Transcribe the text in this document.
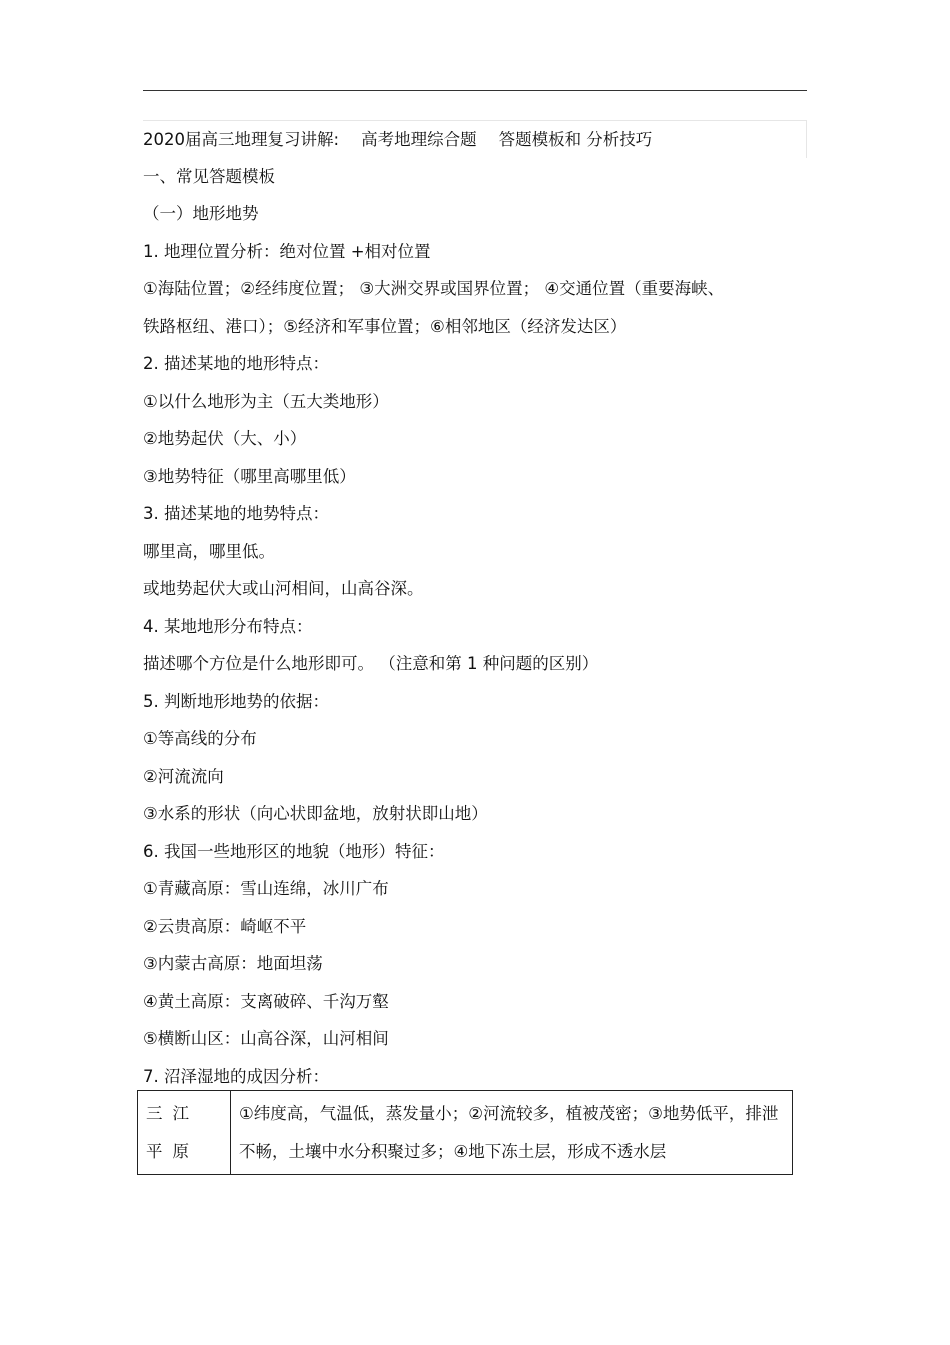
2020届高三地理复习讲解: 高考地理综合题 答题模板和 分析技巧
一、常见答题模板
（一）地形地势
1. 地理位置分析：绝对位置 +相对位置
①海陆位置；②经纬度位置； ③大洲交界或国界位置； ④交通位置（重要海峡、
铁路枢纽、港口）；⑤经济和军事位置；⑥相邻地区（经济发达区）
2. 描述某地的地形特点：
①以什么地形为主（五大类地形）
②地势起伏（大、小）
③地势特征（哪里高哪里低）
3. 描述某地的地势特点：
哪里高，哪里低。
或地势起伏大或山河相间，山高谷深。
4. 某地地形分布特点：
描述哪个方位是什么地形即可。 （注意和第 1 种问题的区别）
5. 判断地形地势的依据：
①等高线的分布
②河流流向
③水系的形状（向心状即盆地，放射状即山地）
6. 我国一些地形区的地貌（地形）特征：
①青藏高原：雪山连绵，冰川广布
②云贵高原：崎岖不平
③内蒙古高原：地面坦荡
④黄土高原：支离破碎、千沟万壑
⑤横断山区：山高谷深，山河相间
7. 沼泽湿地的成因分析：
三江平原	①纬度高，气温低，蒸发量小；②河流较多，植被茂密；③地势低平，排泄不畅，土壤中水分积聚过多；④地下冻土层，形成不透水层
